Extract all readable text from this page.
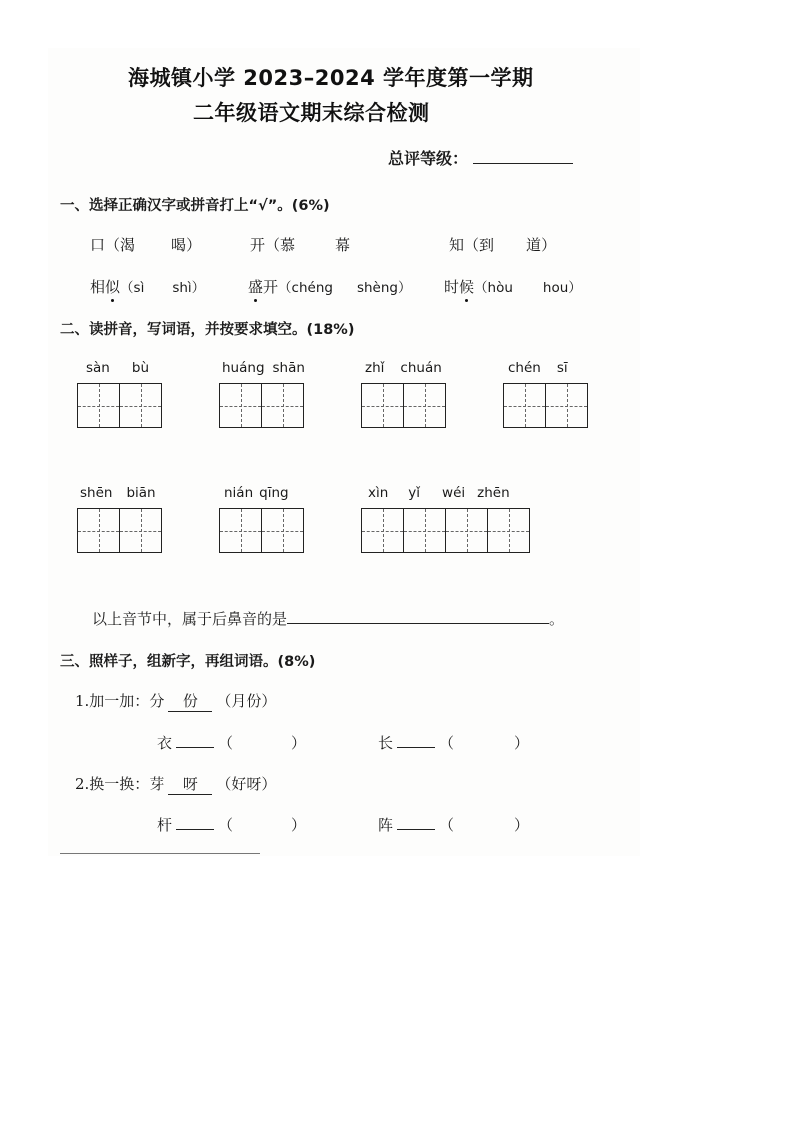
海城镇小学 2023–2024 学年度第一学期
二年级语文期末综合检测
总评等级：
一、选择正确汉字或拼音打上“√”。(6%)
口（渴 喝）	开（慕	幕	知（到 道）
相似（sì shì）	盛开（chéng shèng） 时候（hòu hou）
二、读拼音，写词语，并按要求填空。(18%)
sàn bù	huáng shān	zhǐ chuán	chén sī
shēn biān	nián qīng	xìn yǐ wéi zhēn
以上音节中，属于后鼻音的是	。
三、照样子，组新字，再组词语。(8%)
1.加一加：分 份 （月份）
衣	（	）	长	（	）
2.换一换：芽 呀 （好呀）
杆	（	）	阵	（	）
